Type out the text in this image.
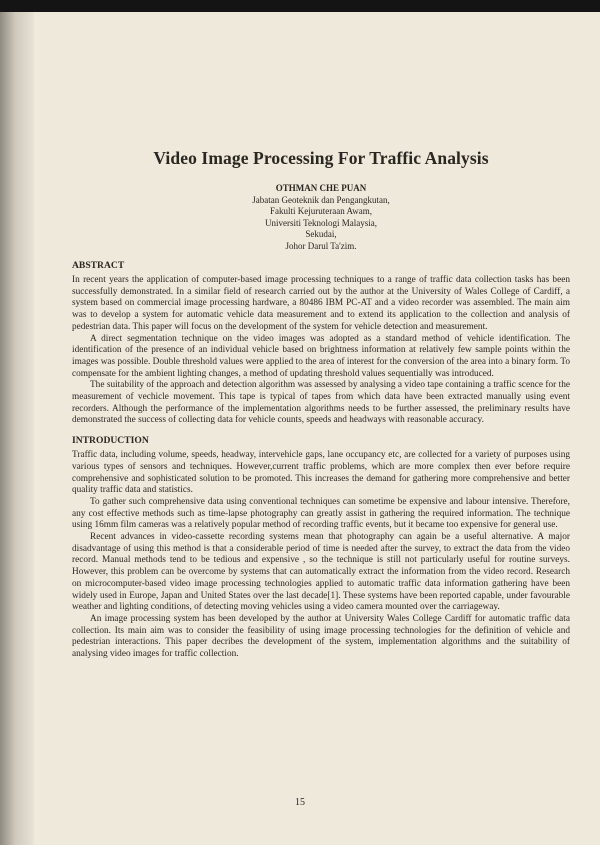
Video Image Processing For Traffic Analysis
OTHMAN CHE PUAN
Jabatan Geoteknik dan Pengangkutan,
Fakulti Kejuruteraan Awam,
Universiti Teknologi Malaysia,
Sekudai,
Johor Darul Ta'zim.
ABSTRACT

In recent years the application of computer-based image processing techniques to a range of traffic data collection tasks has been successfully demonstrated. In a similar field of research carried out by the author at the University of Wales College of Cardiff, a system based on commercial image processing hardware, a 80486 IBM PC-AT and a video recorder was assembled. The main aim was to develop a system for automatic vehicle data measurement and to extend its application to the collection and analysis of pedestrian data. This paper will focus on the development of the system for vehicle detection and measurement.

A direct segmentation technique on the video images was adopted as a standard method of vehicle identification. The identification of the presence of an individual vehicle based on brightness information at relatively few sample points within the images was possible. Double threshold values were applied to the area of interest for the conversion of the area into a binary form. To compensate for the ambient lighting changes, a method of updating threshold values sequentially was introduced.

The suitability of the approach and detection algorithm was assessed by analysing a video tape containing a traffic scence for the measurement of vechicle movement. This tape is typical of tapes from which data have been extracted manually using event recorders. Although the performance of the implementation algorithms needs to be further assessed, the preliminary results have demonstrated the success of collecting data for vehicle counts, speeds and headways with reasonable accuracy.

INTRODUCTION

Traffic data, including volume, speeds, headway, intervehicle gaps, lane occupancy etc, are collected for a variety of purposes using various types of sensors and techniques. However,current traffic problems, which are more complex then ever before require comprehensive and sophisticated solution to be promoted. This increases the demand for gathering more comprehensive and better quality traffic data and statistics.

To gather such comprehensive data using conventional techniques can sometime be expensive and labour intensive. Therefore, any cost effective methods such as time-lapse photography can greatly assist in gathering the required information. The technique using 16mm film cameras was a relatively popular method of recording traffic events, but it became too expensive for general use.

Recent advances in video-cassette recording systems mean that photography can again be a useful alternative. A major disadvantage of using this method is that a considerable period of time is needed after the survey, to extract the data from the video record. Manual methods tend to be tedious and expensive , so the technique is still not particularly useful for routine surveys. However, this problem can be overcome by systems that can automatically extract the information from the video record. Research on microcomputer-based video image processing technologies applied to automatic traffic data information gathering have been widely used in Europe, Japan and United States over the last decade[1]. These systems have been reported capable, under favourable weather and lighting conditions, of detecting moving vehicles using a video camera mounted over the carriageway.

An image processing system has been developed by the author at University Wales College Cardiff for automatic traffic data collection. Its main aim was to consider the feasibility of using image processing technologies for the definition of vehicle and pedestrian interactions. This paper decribes the development of the system, implementation algorithms and the suitability of analysing video images for traffic collection.

15
